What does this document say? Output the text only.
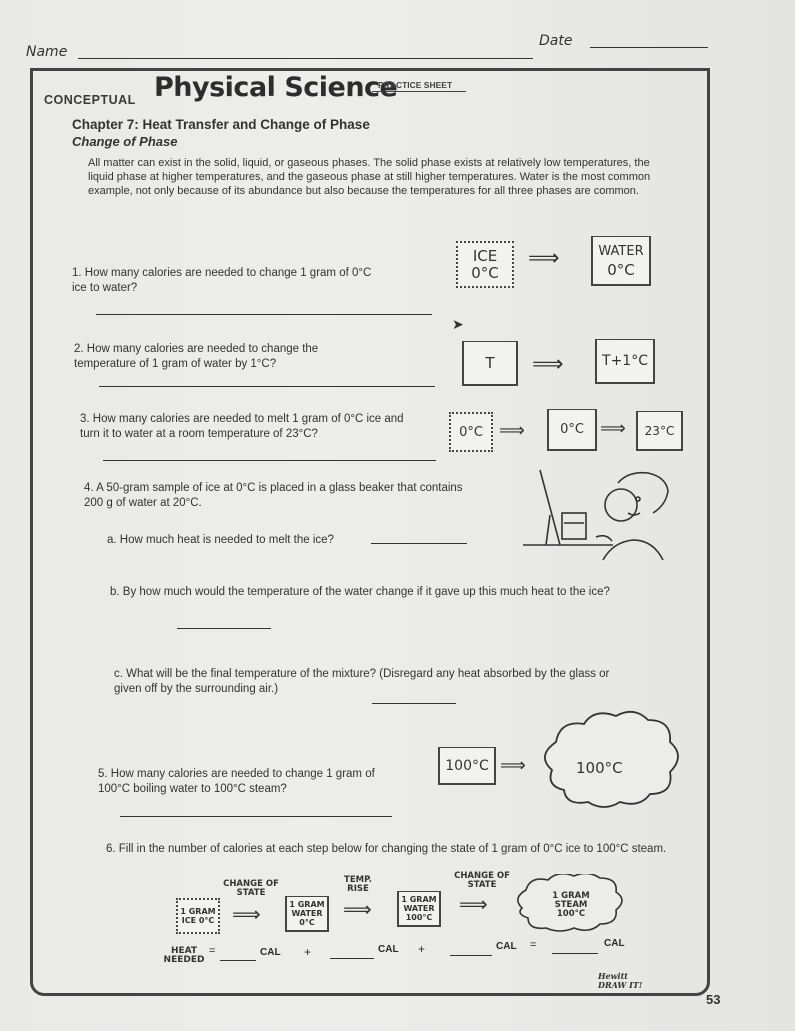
Name
Date
CONCEPTUAL Physical Science
PRACTICE SHEET
Chapter 7: Heat Transfer and Change of Phase
Change of Phase
All matter can exist in the solid, liquid, or gaseous phases. The solid phase exists at relatively low temperatures, the liquid phase at higher temperatures, and the gaseous phase at still higher temperatures. Water is the most common example, not only because of its abundance but also because the temperatures for all three phases are common.
1. How many calories are needed to change 1 gram of 0°C ice to water?
ICE
0°C
⟹	WATER
0°C
➤
2. How many calories are needed to change the temperature of 1 gram of water by 1°C?	T ⟹	T+1°C
3. How many calories are needed to melt 1 gram of 0°C ice and turn it to water at a room temperature of 23°C?	0°C ⟹	0°C ⟹ 23°C
4. A 50-gram sample of ice at 0°C is placed in a glass beaker that contains 200 g of water at 20°C.
a. How much heat is needed to melt the ice?
b. By how much would the temperature of the water change if it gave up this much heat to the ice?
c. What will be the final temperature of the mixture? (Disregard any heat absorbed by the glass or given off by the surrounding air.)
5. How many calories are needed to change 1 gram of 100°C boiling water to 100°C steam?
100°C ⟹	100°C
6. Fill in the number of calories at each step below for changing the state of 1 gram of 0°C ice to 100°C steam.
CHANGE OF STATE
TEMP. RISE
CHANGE OF STATE
1 GRAM ICE 0°C ⟹	1 GRAM WATER 0°C
⟹	1 GRAM WATER 100°C
⟹	1 GRAM STEAM 100°C
HEAT NEEDED
=	CAL +	CAL +	CAL =	CAL
Hewitt DRAW IT!
53
